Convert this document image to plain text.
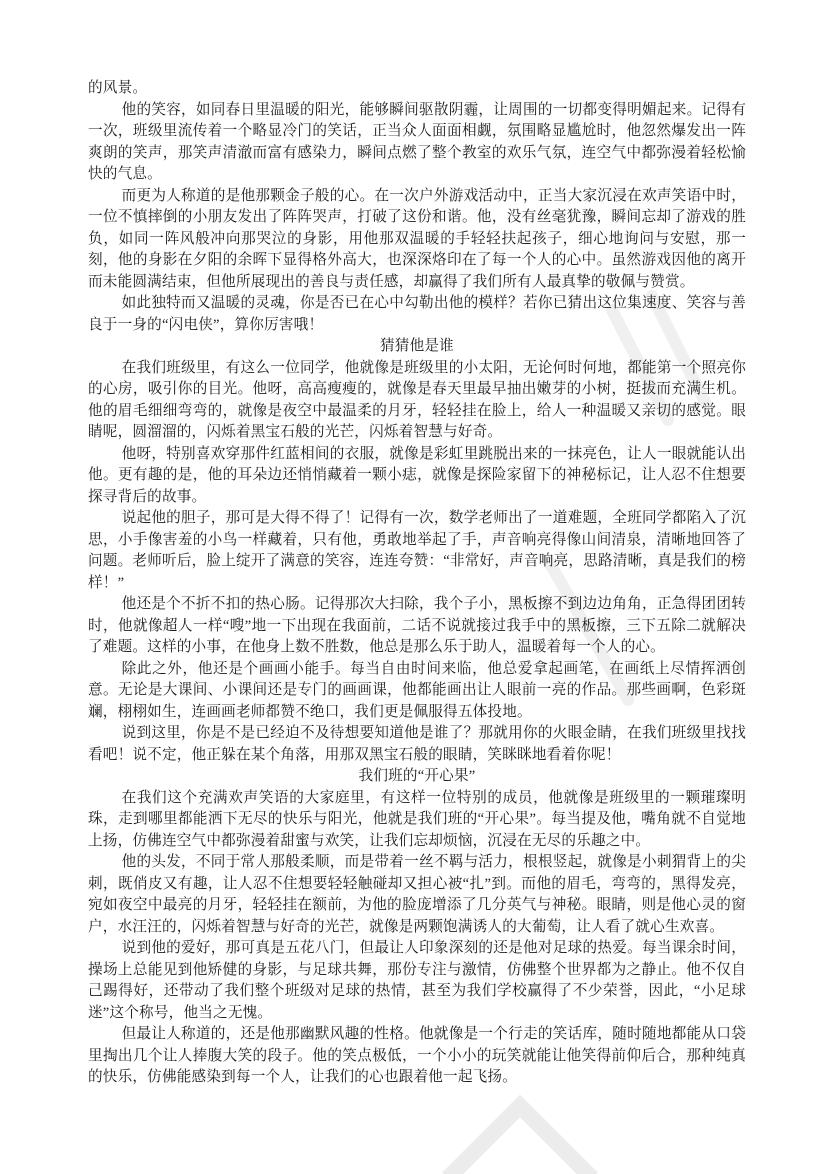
的风景。

他的笑容，如同春日里温暖的阳光，能够瞬间驱散阴霾，让周围的一切都变得明媚起来。记得有一次，班级里流传着一个略显冷门的笑话，正当众人面面相觑，氛围略显尴尬时，他忽然爆发出一阵爽朗的笑声，那笑声清澈而富有感染力，瞬间点燃了整个教室的欢乐气氛，连空气中都弥漫着轻松愉快的气息。

而更为人称道的是他那颗金子般的心。在一次户外游戏活动中，正当大家沉浸在欢声笑语中时，一位不慎摔倒的小朋友发出了阵阵哭声，打破了这份和谐。他，没有丝毫犹豫，瞬间忘却了游戏的胜负，如同一阵风般冲向那哭泣的身影，用他那双温暖的手轻轻扶起孩子，细心地询问与安慰，那一刻，他的身影在夕阳的余晖下显得格外高大，也深深烙印在了每一个人的心中。虽然游戏因他的离开而未能圆满结束，但他所展现出的善良与责任感，却赢得了我们所有人最真挚的敬佩与赞赏。

如此独特而又温暖的灵魂，你是否已在心中勾勒出他的模样？若你已猜出这位集速度、笑容与善良于一身的“闪电侠”，算你厉害哦！

猜猜他是谁

在我们班级里，有这么一位同学，他就像是班级里的小太阳，无论何时何地，都能第一个照亮你的心房，吸引你的目光。他呀，高高瘦瘦的，就像是春天里最早抽出嫩芽的小树，挺拔而充满生机。他的眉毛细细弯弯的，就像是夜空中最温柔的月牙，轻轻挂在脸上，给人一种温暖又亲切的感觉。眼睛呢，圆溜溜的，闪烁着黑宝石般的光芒，闪烁着智慧与好奇。

他呀，特别喜欢穿那件红蓝相间的衣服，就像是彩虹里跳脱出来的一抹亮色，让人一眼就能认出他。更有趣的是，他的耳朵边还悄悄藏着一颗小痣，就像是探险家留下的神秘标记，让人忍不住想要探寻背后的故事。

说起他的胆子，那可是大得不得了！记得有一次，数学老师出了一道难题，全班同学都陷入了沉思，小手像害羞的小鸟一样藏着，只有他，勇敢地举起了手，声音响亮得像山间清泉，清晰地回答了问题。老师听后，脸上绽开了满意的笑容，连连夸赞：“非常好，声音响亮，思路清晰，真是我们的榜样！”

他还是个不折不扣的热心肠。记得那次大扫除，我个子小，黑板擦不到边边角角，正急得团团转时，他就像超人一样“嗖”地一下出现在我面前，二话不说就接过我手中的黑板擦，三下五除二就解决了难题。这样的小事，在他身上数不胜数，他总是那么乐于助人，温暖着每一个人的心。

除此之外，他还是个画画小能手。每当自由时间来临，他总爱拿起画笔，在画纸上尽情挥洒创意。无论是大课间、小课间还是专门的画画课，他都能画出让人眼前一亮的作品。那些画啊，色彩斑斓，栩栩如生，连画画老师都赞不绝口，我们更是佩服得五体投地。

说到这里，你是不是已经迫不及待想要知道他是谁了？那就用你的火眼金睛，在我们班级里找找看吧！说不定，他正躲在某个角落，用那双黑宝石般的眼睛，笑眯眯地看着你呢！

我们班的“开心果”

在我们这个充满欢声笑语的大家庭里，有这样一位特别的成员，他就像是班级里的一颗璀璨明珠，走到哪里都能洒下无尽的快乐与阳光，他就是我们班的“开心果”。每当提及他，嘴角就不自觉地上扬，仿佛连空气中都弥漫着甜蜜与欢笑，让我们忘却烦恼，沉浸在无尽的乐趣之中。

他的头发，不同于常人那般柔顺，而是带着一丝不羁与活力，根根竖起，就像是小刺猬背上的尖刺，既俏皮又有趣，让人忍不住想要轻轻触碰却又担心被“扎”到。而他的眉毛，弯弯的，黑得发亮，宛如夜空中最亮的月牙，轻轻挂在额前，为他的脸庞增添了几分英气与神秘。眼睛，则是他心灵的窗户，水汪汪的，闪烁着智慧与好奇的光芒，就像是两颗饱满诱人的大葡萄，让人看了就心生欢喜。

说到他的爱好，那可真是五花八门，但最让人印象深刻的还是他对足球的热爱。每当课余时间，操场上总能见到他矫健的身影，与足球共舞，那份专注与激情，仿佛整个世界都为之静止。他不仅自己踢得好，还带动了我们整个班级对足球的热情，甚至为我们学校赢得了不少荣誉，因此，“小足球迷”这个称号，他当之无愧。

但最让人称道的，还是他那幽默风趣的性格。他就像是一个行走的笑话库，随时随地都能从口袋里掏出几个让人捧腹大笑的段子。他的笑点极低，一个小小的玩笑就能让他笑得前仰后合，那种纯真的快乐，仿佛能感染到每一个人，让我们的心也跟着他一起飞扬。
